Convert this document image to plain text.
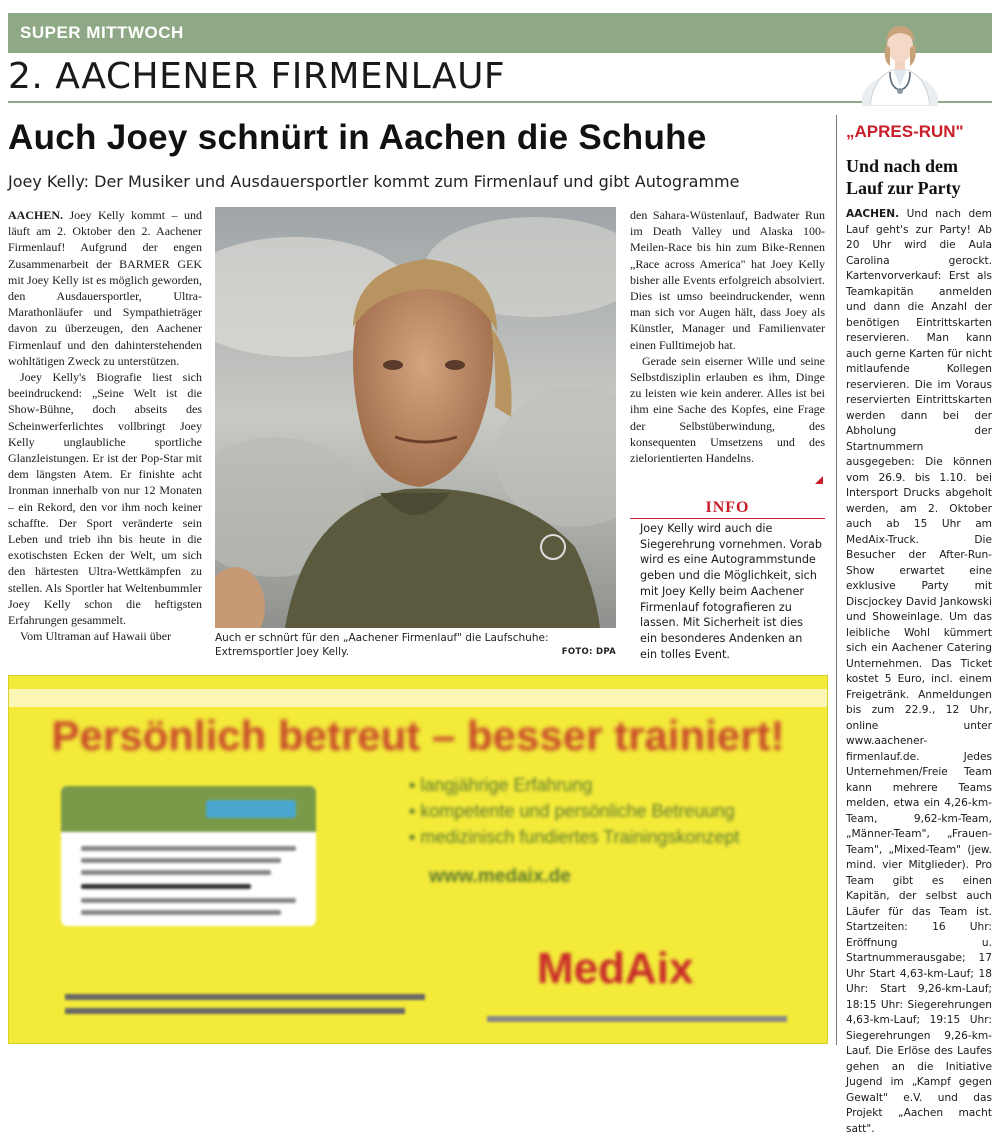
SUPER MITTWOCH
2. AACHENER FIRMENLAUF
Auch Joey schnürt in Aachen die Schuhe
Joey Kelly: Der Musiker und Ausdauersportler kommt zum Firmenlauf und gibt Autogramme

AACHEN. Joey Kelly kommt – und läuft am 2. Oktober den 2. Aachener Firmenlauf! Aufgrund der engen Zusammenarbeit der BARMER GEK mit Joey Kelly ist es möglich geworden, den Ausdauersportler, Ultra-Marathonläufer und Sympathieträger davon zu überzeugen, den Aachener Firmenlauf und den dahinterstehenden wohltätigen Zweck zu unterstützen.

Joey Kelly's Biografie liest sich beeindruckend: „Seine Welt ist die Show-Bühne, doch abseits des Scheinwerferlichtes vollbringt Joey Kelly unglaubliche sportliche Glanzleistungen. Er ist der Pop-Star mit dem längsten Atem. Er finishte acht Ironman innerhalb von nur 12 Monaten – ein Rekord, den vor ihm noch keiner schaffte. Der Sport veränderte sein Leben und trieb ihn bis heute in die exotischsten Ecken der Welt, um sich den härtesten Ultra-Wettkämpfen zu stellen. Als Sportler hat Weltenbummler Joey Kelly schon die heftigsten Erfahrungen gesammelt.

Vom Ultraman auf Hawaii über	Auch er schnürt für den „Aachener Firmenlauf" die Laufschuhe: Extremsportler Joey Kelly.	FOTO: DPA

den Sahara-Wüstenlauf, Badwater Run im Death Valley und Alaska 100-Meilen-Race bis hin zum Bike-Rennen „Race across America" hat Joey Kelly bisher alle Events erfolgreich absolviert. Dies ist umso beeindruckender, wenn man sich vor Augen hält, dass Joey als Künstler, Manager und Familienvater einen Fulltimejob hat.

Gerade sein eiserner Wille und seine Selbstdisziplin erlauben es ihm, Dinge zu leisten wie kein anderer. Alles ist bei ihm eine Sache des Kopfes, eine Frage der Selbstüberwindung, des konsequenten Umsetzens und des zielorientierten Handelns.

INFO
Joey Kelly wird auch die Siegerehrung vornehmen. Vorab wird es eine Autogrammstunde geben und die Möglichkeit, sich mit Joey Kelly beim Aachener Firmenlauf fotografieren zu lassen. Mit Sicherheit ist dies ein besonderes Andenken an ein tolles Event.
„APRES-RUN"
Und nach dem Lauf zur Party
AACHEN. Und nach dem Lauf geht's zur Party! Ab 20 Uhr wird die Aula Carolina gerockt. Kartenvorverkauf: Erst als Teamkapitän anmelden und dann die Anzahl der benötigen Eintrittskarten reservieren. Man kann auch gerne Karten für nicht mitlaufende Kollegen reservieren. Die im Voraus reservierten Eintrittskarten werden dann bei der Abholung der Startnummern ausgegeben: Die können vom 26.9. bis 1.10. bei Intersport Drucks abgeholt werden, am 2. Oktober auch ab 15 Uhr am MedAix-Truck. Die Besucher der After-Run-Show erwartet eine exklusive Party mit Discjockey David Jankowski und Showeinlage. Um das leibliche Wohl kümmert sich ein Aachener Catering Unternehmen. Das Ticket kostet 5 Euro, incl. einem Freigetränk. Anmeldungen bis zum 22.9., 12 Uhr, online unter www.aachener-firmenlauf.de. Jedes Unternehmen/Freie Team kann mehrere Teams melden, etwa ein 4,26-km-Team, 9,62-km-Team, „Männer-Team", „Frauen-Team", „Mixed-Team" (jew. mind. vier Mitglieder). Pro Team gibt es einen Kapitän, der selbst auch Läufer für das Team ist. Startzeiten: 16 Uhr: Eröffnung u. Startnummerausgabe; 17 Uhr Start 4,63-km-Lauf; 18 Uhr: Start 9,26-km-Lauf; 18:15 Uhr: Siegerehrungen 4,63-km-Lauf; 19:15 Uhr: Siegerehrungen 9,26-km-Lauf. Die Erlöse des Laufes gehen an die Initiative Jugend im „Kampf gegen Gewalt" e.V. und das Projekt „Aachen macht satt".
Persönlich betreut – besser trainiert!
▪ langjährige Erfahrung
▪ kompetente und persönliche Betreuung
▪ medizinisch fundiertes Trainingskonzept
www.medaix.de
MedAix
